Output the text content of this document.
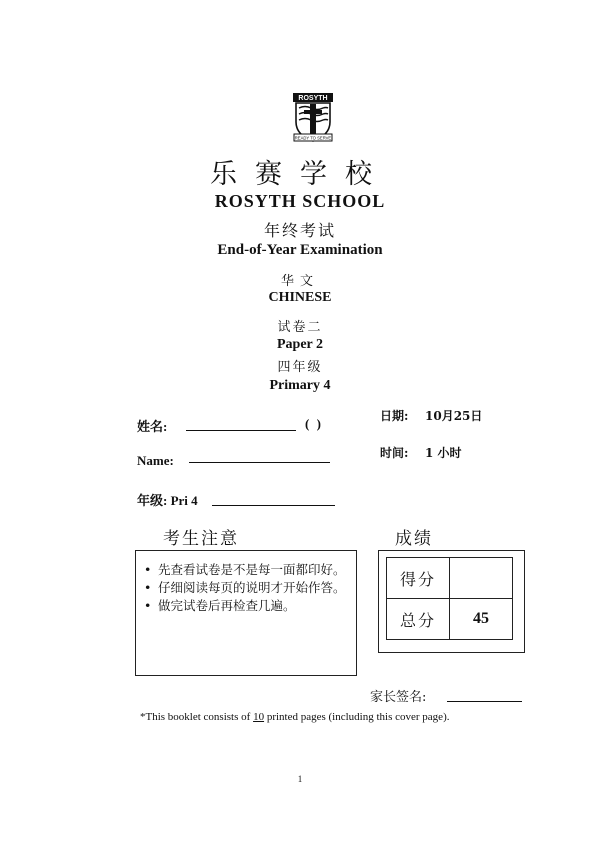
ROSYTH
READY TO SERVE
乐赛学校
ROSYTH SCHOOL
年终考试
End-of-Year Examination
华文
CHINESE
试卷二
Paper 2
四年级
Primary 4
姓名:	( )
Name:
年级: Pri 4
日期: 10月25日
时间: 1 小时
考生注意
• 先查看试卷是不是每一面都印好。
• 仔细阅读每页的说明才开始作答。
• 做完试卷后再检查几遍。
成绩
得分	
总分	45
家长签名:
*This booklet consists of 10 printed pages (including this cover page).
1
